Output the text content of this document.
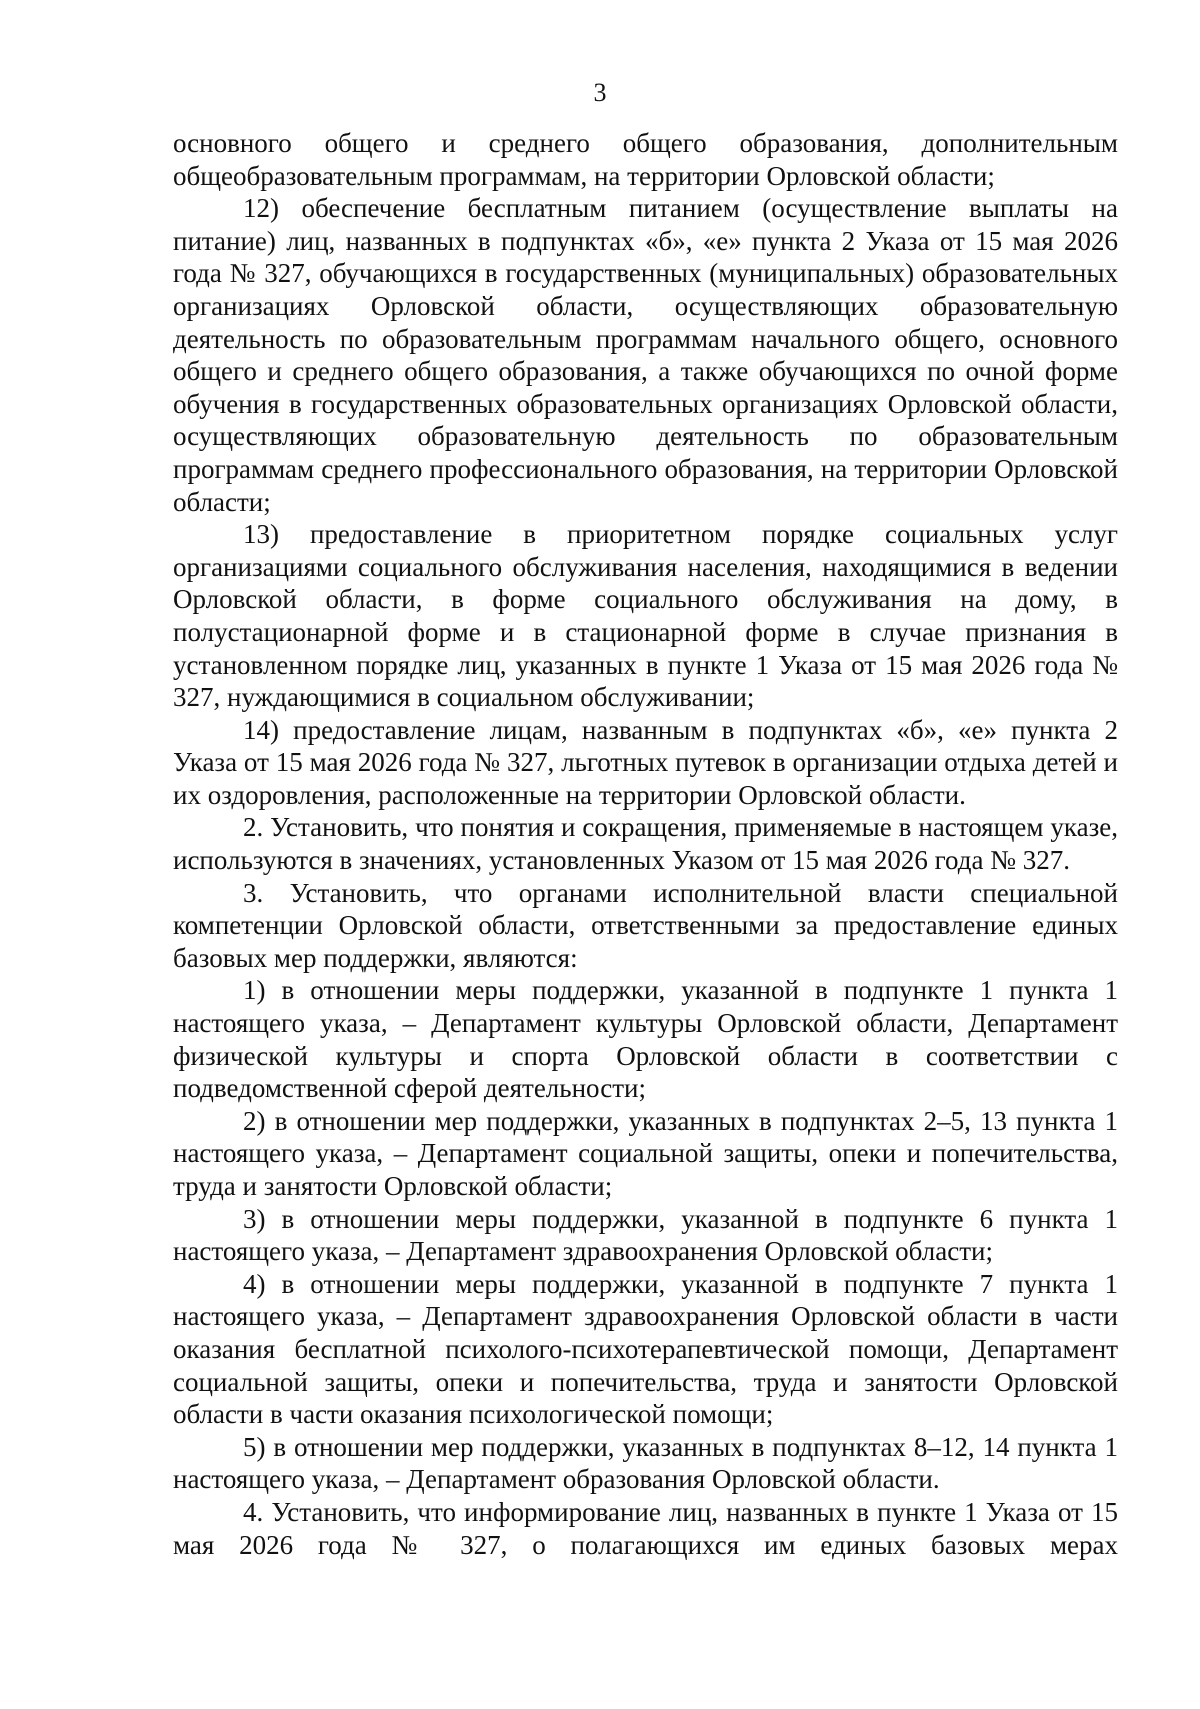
3

основного общего и среднего общего образования, дополнительным общеобразовательным программам, на территории Орловской области;

12) обеспечение бесплатным питанием (осуществление выплаты на питание) лиц, названных в подпунктах «б», «е» пункта 2 Указа от 15 мая 2026 года № 327, обучающихся в государственных (муниципальных) образовательных организациях Орловской области, осуществляющих образовательную деятельность по образовательным программам начального общего, основного общего и среднего общего образования, а также обучающихся по очной форме обучения в государственных образовательных организациях Орловской области, осуществляющих образовательную деятельность по образовательным программам среднего профессионального образования, на территории Орловской области;

13) предоставление в приоритетном порядке социальных услуг организациями социального обслуживания населения, находящимися в ведении Орловской области, в форме социального обслуживания на дому, в полустационарной форме и в стационарной форме в случае признания в установленном порядке лиц, указанных в пункте 1 Указа от 15 мая 2026 года № 327, нуждающимися в социальном обслуживании;

14) предоставление лицам, названным в подпунктах «б», «е» пункта 2 Указа от 15 мая 2026 года № 327, льготных путевок в организации отдыха детей и их оздоровления, расположенные на территории Орловской области.

2. Установить, что понятия и сокращения, применяемые в настоящем указе, используются в значениях, установленных Указом от 15 мая 2026 года № 327.

3. Установить, что органами исполнительной власти специальной компетенции Орловской области, ответственными за предоставление единых базовых мер поддержки, являются:

1) в отношении меры поддержки, указанной в подпункте 1 пункта 1 настоящего указа, – Департамент культуры Орловской области, Департамент физической культуры и спорта Орловской области в соответствии с подведомственной сферой деятельности;

2) в отношении мер поддержки, указанных в подпунктах 2–5, 13 пункта 1 настоящего указа, – Департамент социальной защиты, опеки и попечительства, труда и занятости Орловской области;

3) в отношении меры поддержки, указанной в подпункте 6 пункта 1 настоящего указа, – Департамент здравоохранения Орловской области;

4) в отношении меры поддержки, указанной в подпункте 7 пункта 1 настоящего указа, – Департамент здравоохранения Орловской области в части оказания бесплатной психолого-психотерапевтической помощи, Департамент социальной защиты, опеки и попечительства, труда и занятости Орловской области в части оказания психологической помощи;

5) в отношении мер поддержки, указанных в подпунктах 8–12, 14 пункта 1 настоящего указа, – Департамент образования Орловской области.

4. Установить, что информирование лиц, названных в пункте 1 Указа от 15 мая 2026 года № 327, о полагающихся им единых базовых мерах
